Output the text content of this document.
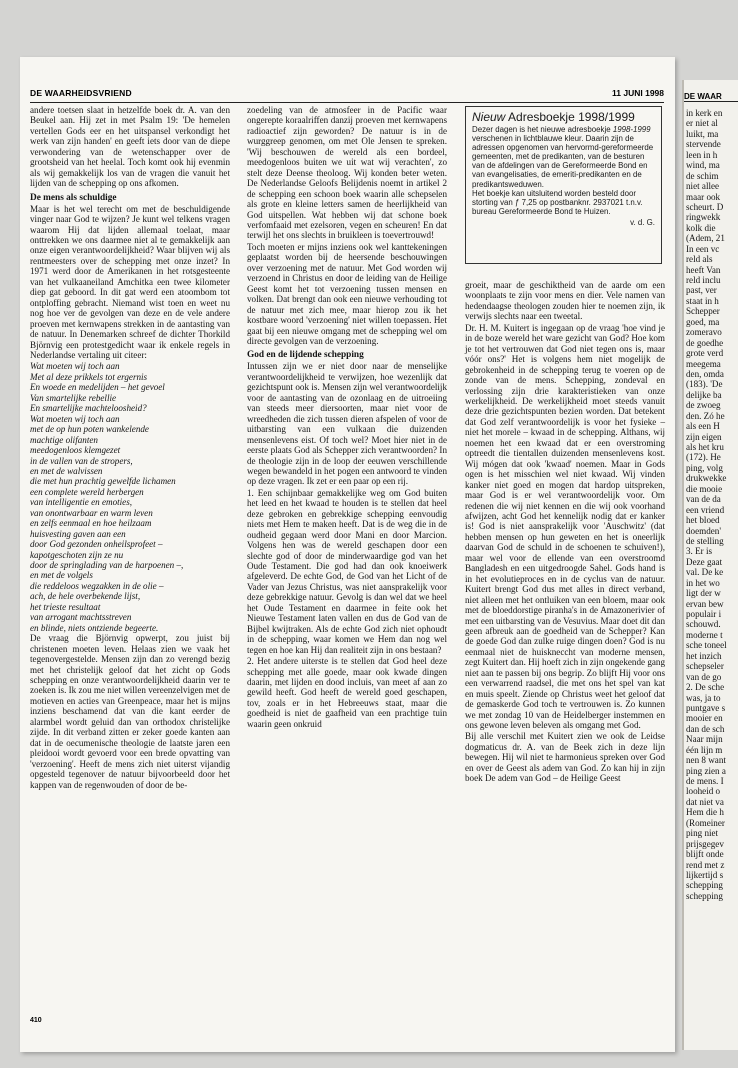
DE WAARHEIDSVRIEND	11 JUNI 1998

andere toetsen slaat in hetzelfde boek dr. A. van den Beukel aan. Hij zet in met Psalm 19: 'De hemelen vertellen Gods eer en het uitspansel verkondigt het werk van zijn handen' en geeft iets door van de diepe verwondering van de wetenschapper over de grootsheid van het heelal. Toch komt ook hij evenmin als wij gemakkelijk los van de vragen die vanuit het lijden van de schepping op ons afkomen.

De mens als schuldige

Maar is het wel terecht om met de beschuldigende vinger naar God te wijzen? Je kunt wel telkens vragen waarom Hij dat lijden allemaal toelaat, maar onttrekken we ons daarmee niet al te gemakkelijk aan onze eigen verantwoordelijkheid? Waar blijven wij als rentmeesters over de schepping met onze inzet? In 1971 werd door de Amerikanen in het rotsgesteente van het vulkaaneiland Amchitka een twee kilometer diep gat geboord. In dit gat werd een atoombom tot ontploffing gebracht. Niemand wist toen en weet nu nog hoe ver de gevolgen van deze en de vele andere proeven met kernwapens strekken in de aantasting van de natuur. In Denemarken schreef de dichter Thorkild Björnvig een protestgedicht waar ik enkele regels in Nederlandse vertaling uit citeer:

Wat moeten wij toch aan

Met al deze prikkels tot ergernis

En woede en medelijden – het gevoel

Van smartelijke rebellie

En smartelijke machteloosheid?

Wat moeten wij toch aan

met de op hun poten wankelende

machtige olifanten

meedogenloos klemgezet

in de vallen van de stropers,

en met de walvissen

die met hun prachtig gewelfde lichamen

een complete wereld herbergen

van intelligentie en emoties,

van onontwarbaar en warm leven

en zelfs eenmaal en hoe heilzaam

huisvesting gaven aan een

door God gezonden onheilsprofeet –

kapotgeschoten zijn ze nu

door de springlading van de harpoenen –,

en met de volgels

die reddeloos wegzakken in de olie –

ach, de hele overbekende lijst,

het trieste resultaat

van arrogant machtsstreven

en blinde, niets ontziende begeerte.

De vraag die Björnvig opwerpt, zou juist bij christenen moeten leven. Helaas zien we vaak het tegenovergestelde. Mensen zijn dan zo verengd bezig met het christelijk geloof dat het zicht op Gods schepping en onze verantwoordelijkheid daarin ver te zoeken is. Ik zou me niet willen vereenzelvigen met de motieven en acties van Greenpeace, maar het is mijns inziens beschamend dat van die kant eerder de alarmbel wordt geluid dan van orthodox christelijke zijde. In dit verband zitten er zeker goede kanten aan dat in de oecumenische theologie de laatste jaren een pleidooi wordt gevoerd voor een brede opvatting van 'verzoening'. Heeft de mens zich niet uiterst vijandig opgesteld tegenover de natuur bijvoorbeeld door het kappen van de regenwouden of door de be-

zoedeling van de atmosfeer in de Pacific waar ongerepte koraalriffen danzij proeven met kernwapens radioactief zijn geworden? De natuur is in de wurggreep genomen, om met Ole Jensen te spreken. 'Wij beschouwen de wereld als een bordeel, meedogenloos buiten we uit wat wij verachten', zo stelt deze Deense theoloog. Wij konden beter weten. De Nederlandse Geloofs Belijdenis noemt in artikel 2 de schepping een schoon boek waarin alle schepselen als grote en kleine letters samen de heerlijkheid van God uitspellen. Wat hebben wij dat schone boek verfomfaaid met ezelsoren, vegen en scheuren! En dat terwijl het ons slechts in bruikleen is toevertrouwd!

Toch moeten er mijns inziens ook wel kanttekeningen geplaatst worden bij de heersende beschouwingen over verzoening met de natuur. Met God worden wij verzoend in Christus en door de leiding van de Heilige Geest komt het tot verzoening tussen mensen en volken. Dat brengt dan ook een nieuwe verhouding tot de natuur met zich mee, maar hierop zou ik het kostbare woord 'verzoening' niet willen toepassen. Het gaat bij een nieuwe omgang met de schepping wel om directe gevolgen van de verzoening.

God en de lijdende schepping

Intussen zijn we er niet door naar de menselijke verantwoordelijkheid te verwijzen, hoe wezenlijk dat gezichtspunt ook is. Mensen zijn wel verantwoordelijk voor de aantasting van de ozonlaag en de uitroeiing van steeds meer diersoorten, maar niet voor de wreedheden die zich tussen dieren afspelen of voor de uitbarsting van een vulkaan die duizenden mensenlevens eist. Of toch wel? Moet hier niet in de eerste plaats God als Schepper zich verantwoorden? In de theologie zijn in de loop der eeuwen verschillende wegen bewandeld in het pogen een antwoord te vinden op deze vragen. Ik zet er een paar op een rij.

1. Een schijnbaar gemakkelijke weg om God buiten het leed en het kwaad te houden is te stellen dat heel deze gebroken en gebrekkige schepping eenvoudig niets met Hem te maken heeft. Dat is de weg die in de oudheid gegaan werd door Mani en door Marcion. Volgens hen was de wereld geschapen door een slechte god of door de minderwaardige god van het Oude Testament. Die god had dan ook knoeiwerk afgeleverd. De echte God, de God van het Licht of de Vader van Jezus Christus, was niet aansprakelijk voor deze gebrekkige natuur. Gevolg is dan wel dat we heel het Oude Testament en daarmee in feite ook het Nieuwe Testament laten vallen en dus de God van de Bijbel kwijtraken. Als de echte God zich niet ophoudt in de schepping, waar komen we Hem dan nog wel tegen en hoe kan Hij dan realiteit zijn in ons bestaan?

2. Het andere uiterste is te stellen dat God heel deze schepping met alle goede, maar ook kwade dingen daarin, met lijden en dood incluis, van meet af aan zo gewild heeft. God heeft de wereld goed geschapen, tov, zoals er in het Hebreeuws staat, maar die goedheid is niet de gaafheid van een prachtige tuin waarin geen onkruid

Nieuw Adresboekje 1998/1999

Dezer dagen is het nieuwe adresboekje 1998-1999 verschenen in lichtblauwe kleur. Daarin zijn de adressen opgenomen van hervormd-gereformeerde gemeenten, met de predikanten, van de besturen van de afdelingen van de Gereformeerde Bond en van evangelisaties, de emeriti-predikanten en de predikantsweduwen.

Het boekje kan uitsluitend worden besteld door storting van ƒ 7,25 op postbanknr. 2937021 t.n.v. bureau Gereformeerde Bond te Huizen.

v. d. G.

groeit, maar de geschiktheid van de aarde om een woonplaats te zijn voor mens en dier. Vele namen van hedendaagse theologen zouden hier te noemen zijn, ik verwijs slechts naar een tweetal.

Dr. H. M. Kuitert is ingegaan op de vraag 'hoe vind je in de boze wereld het ware gezicht van God? Hoe kom je tot het vertrouwen dat God niet tegen ons is, maar vóór ons?' Het is volgens hem niet mogelijk de gebrokenheid in de schepping terug te voeren op de zonde van de mens. Schepping, zondeval en verlossing zijn drie karakteristieken van onze werkelijkheid. De werkelijkheid moet steeds vanuit deze drie gezichtspunten bezien worden. Dat betekent dat God zelf verantwoordelijk is voor het fysieke – niet het morele – kwaad in de schepping. Althans, wij noemen het een kwaad dat er een overstroming optreedt die tientallen duizenden mensenlevens kost. Wij mógen dat ook 'kwaad' noemen. Maar in Gods ogen is het misschien wel niet kwaad. Wij vinden kanker niet goed en mogen dat hardop uitspreken, maar God is er wel verantwoordelijk voor. Om redenen die wij niet kennen en die wij ook voorhand afwijzen, acht God het kennelijk nodig dat er kanker is! God is niet aansprakelijk voor 'Auschwitz' (dat hebben mensen op hun geweten en het is oneerlijk daarvan God de schuld in de schoenen te schuiven!), maar wel voor de ellende van een overstroomd Bangladesh en een uitgedroogde Sahel. Gods hand is in het evolutieproces en in de cyclus van de natuur. Kuitert brengt God dus met alles in direct verband, niet alleen met het ontluiken van een bloem, maar ook met de bloeddorstige piranha's in de Amazonerivier of met een uitbarsting van de Vesuvius. Maar doet dit dan geen afbreuk aan de goedheid van de Schepper? Kan de goede God dan zulke ruige dingen doen? God is nu eenmaal niet de huiskneccht van moderne mensen, zegt Kuitert dan. Hij hoeft zich in zijn ongekende gang niet aan te passen bij ons begrip. Zo blijft Hij voor ons een verwarrend raadsel, die met ons het spel van kat en muis speelt. Ziende op Christus weet het geloof dat de gemaskerde God toch te vertrouwen is. Zo kunnen we met zondag 10 van de Heidelberger instemmen en ons gewone leven beleven als omgang met God.

Bij alle verschil met Kuitert zien we ook de Leidse dogmaticus dr. A. van de Beek zich in deze lijn bewegen. Hij wil niet te harmonieus spreken over God en over de Geest als adem van God. Zo kan hij in zijn boek De adem van God – de Heilige Geest

410
DE WAAR
in kerk en
er niet al
luikt, ma
stervende
leen in h
wind, ma
de schim
niet allee
maar ook
scheurt. D
ringwekk
kolk die
(Adem, 21
In een vc
reld als
heeft Van
reld inclu
past, ver
staat in h
Schepper
goed, ma
zomeravo
de goedhe
grote verd
meegema
den, omda
(183). 'De
delijke ba
de zwoeg
den. Zó he
als een H
zijn eigen
als het kru
(172). He
ping, volg
drukwekke
die mooie
van de da
een vriend
het bloed
doemden'
de stelling
3. Er is
Deze gaat
val. De ke
in het wo
ligt der w
ervan bew
populair i
schouwd.
moderne t
sche toneel
het inzich
schepseler
van de go
2. De sche
was, ja to
puntgave s
mooier en
dan de sch
Naar mijn
één lijn m
nen 8 want
ping zien a
de mens. I
looheid o
dat niet va
Hem die h
(Romeiner
ping niet
prijsgegev
blijft onde
rend met z
lijkertijd s
schepping
schepping
